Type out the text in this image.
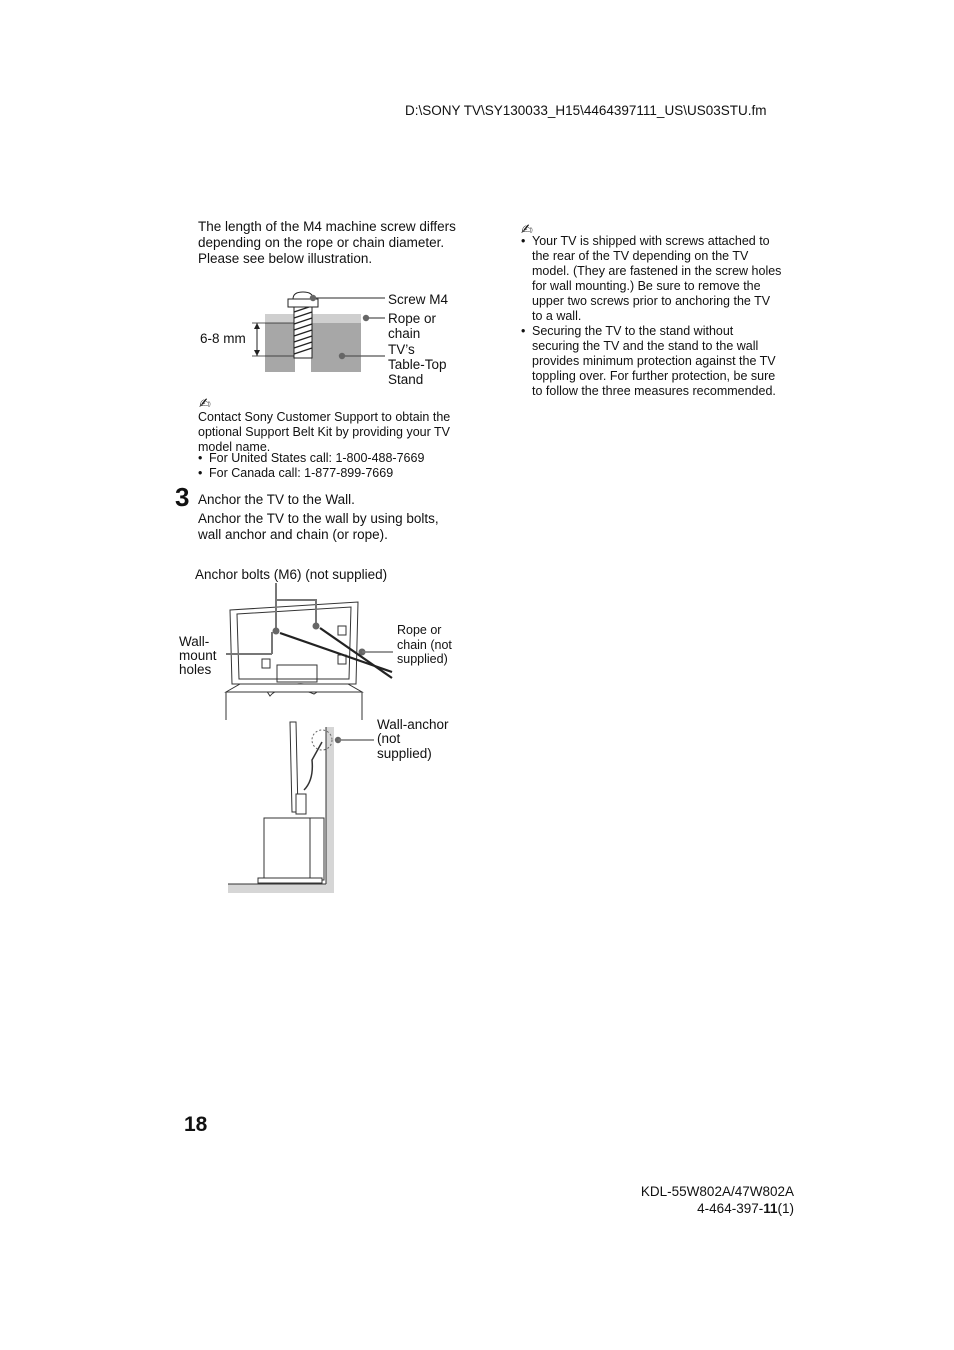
D:\SONY TV\SY130033_H15\4464397111_US\US03STU.fm
The length of the M4 machine screw differs depending on the rope or chain diameter. Please see below illustration.
Screw M4
Rope or
chain
TV’s
Table-Top
Stand
6-8 mm
✍
Contact Sony Customer Support to obtain the optional Support Belt Kit by providing your TV model name.
• For United States call: 1-800-488-7669
• For Canada call: 1-877-899-7669
3 Anchor the TV to the Wall.
Anchor the TV to the wall by using bolts, wall anchor and chain (or rope).
Anchor bolts (M6) (not supplied)
Wall-
mount
holes
Rope or
chain (not
supplied)
Wall-anchor
(not
supplied)
✍
• Your TV is shipped with screws attached to the rear of the TV depending on the TV model. (They are fastened in the screw holes for wall mounting.) Be sure to remove the upper two screws prior to anchoring the TV to a wall.
• Securing the TV to the stand without securing the TV and the stand to the wall provides minimum protection against the TV toppling over. For further protection, be sure to follow the three measures recommended.
18
KDL-55W802A/47W802A
4-464-397-11(1)
